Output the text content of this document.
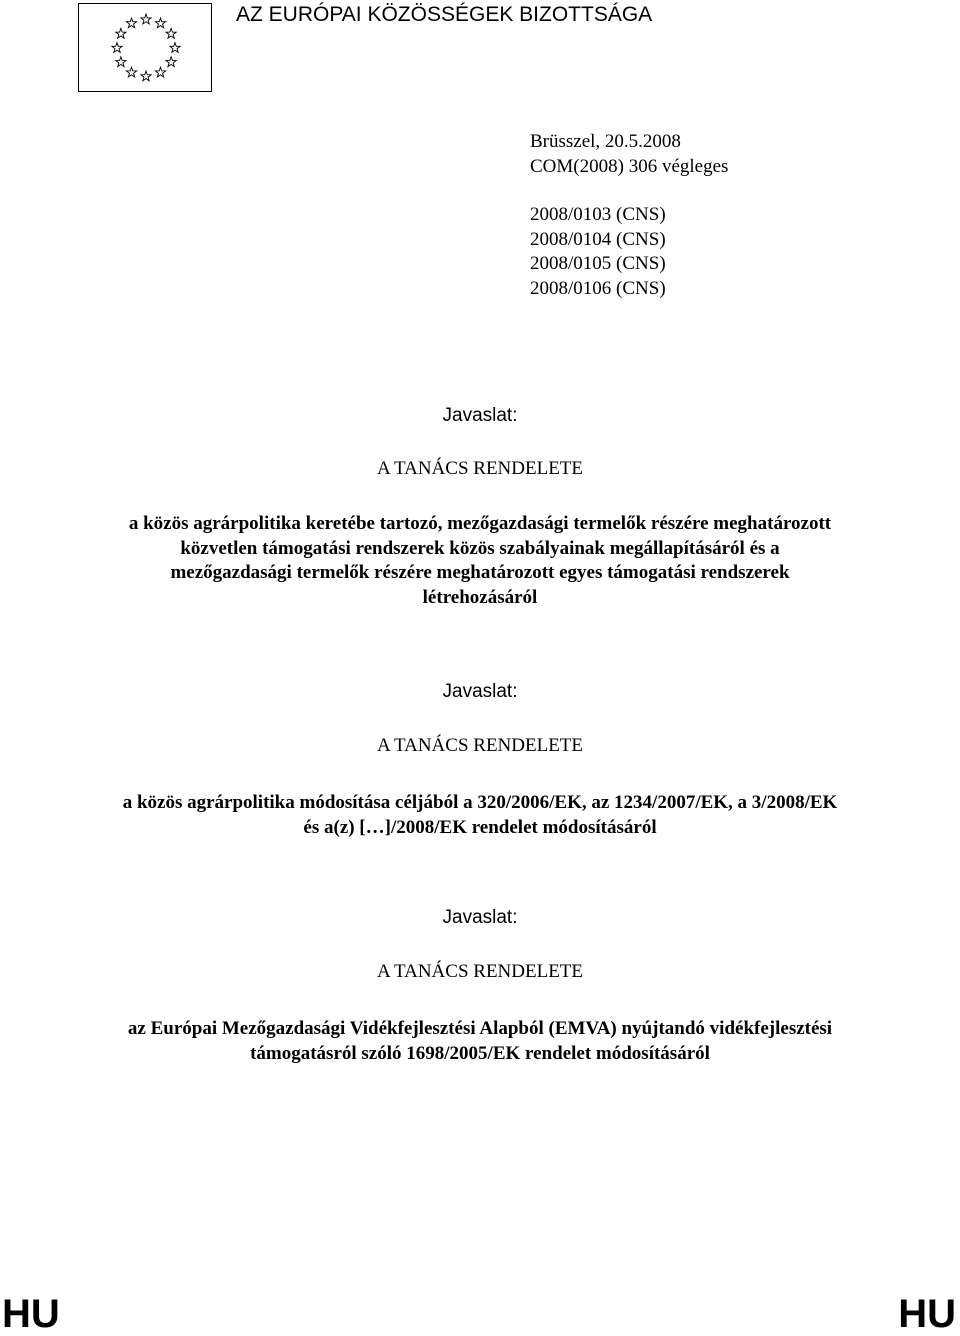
AZ EURÓPAI KÖZÖSSÉGEK BIZOTTSÁGA
Brüsszel, 20.5.2008
COM(2008) 306 végleges
2008/0103 (CNS)
2008/0104 (CNS)
2008/0105 (CNS)
2008/0106 (CNS)
Javaslat:
A TANÁCS RENDELETE
a közös agrárpolitika keretébe tartozó, mezőgazdasági termelők részére meghatározott
közvetlen támogatási rendszerek közös szabályainak megállapításáról és a
mezőgazdasági termelők részére meghatározott egyes támogatási rendszerek
létrehozásáról
Javaslat:
A TANÁCS RENDELETE
a közös agrárpolitika módosítása céljából a 320/2006/EK, az 1234/2007/EK, a 3/2008/EK
és a(z) […]/2008/EK rendelet módosításáról
Javaslat:
A TANÁCS RENDELETE
az Európai Mezőgazdasági Vidékfejlesztési Alapból (EMVA) nyújtandó vidékfejlesztési
támogatásról szóló 1698/2005/EK rendelet módosításáról
HU	HU
